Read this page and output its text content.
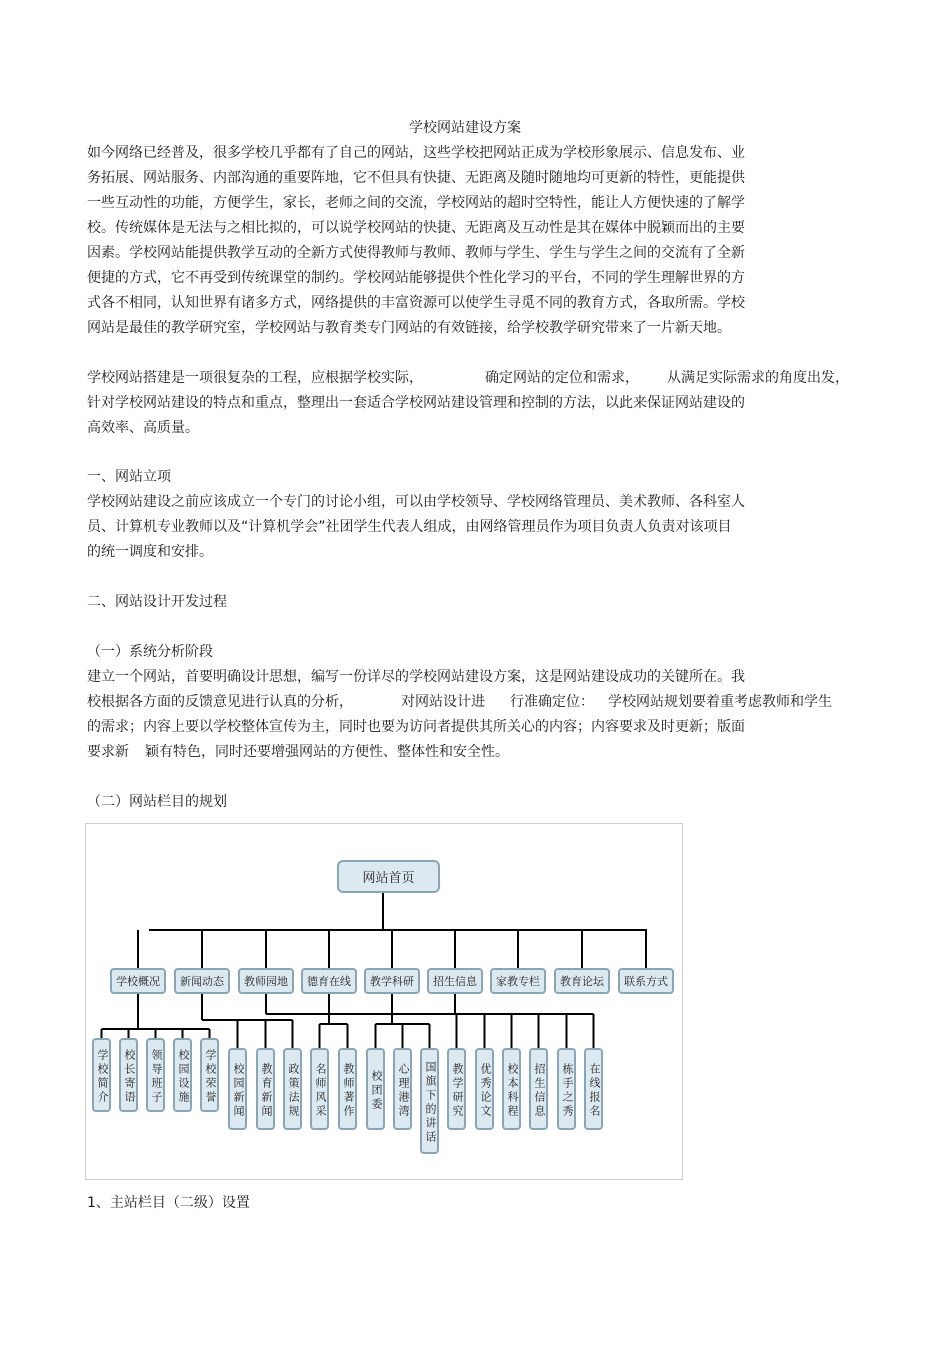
学校网站建设方案
如今网络已经普及，很多学校几乎都有了自己的网站，这些学校把网站正成为学校形象展示、信息发布、业
务拓展、网站服务、内部沟通的重要阵地，它不但具有快捷、无距离及随时随地均可更新的特性，更能提供
一些互动性的功能，方便学生，家长，老师之间的交流，学校网站的超时空特性，能让人方便快速的了解学
校。传统媒体是无法与之相比拟的，可以说学校网站的快捷、无距离及互动性是其在媒体中脱颖而出的主要
因素。学校网站能提供教学互动的全新方式使得教师与教师、教师与学生、学生与学生之间的交流有了全新
便捷的方式，它不再受到传统课堂的制约。学校网站能够提供个性化学习的平台，不同的学生理解世界的方
式各不相同，认知世界有诸多方式，网络提供的丰富资源可以使学生寻觅不同的教育方式，各取所需。学校
网站是最佳的教学研究室，学校网站与教育类专门网站的有效链接，给学校教学研究带来了一片新天地。
学校网站搭建是一项很复杂的工程，应根据学校实际，	确定网站的定位和需求， 从满足实际需求的角度出发，
针对学校网站建设的特点和重点，整理出一套适合学校网站建设管理和控制的方法，以此来保证网站建设的
高效率、高质量。
一、网站立项
学校网站建设之前应该成立一个专门的讨论小组，可以由学校领导、学校网络管理员、美术教师、各科室人
员、计算机专业教师以及“计算机学会”社团学生代表人组成，由网络管理员作为项目负责人负责对该项目
的统一调度和安排。
二、网站设计开发过程
（一）系统分析阶段
建立一个网站，首要明确设计思想，编写一份详尽的学校网站建设方案，这是网站建设成功的关键所在。我
校根据各方面的反馈意见进行认真的分析，	对网站设计进 行准确定位： 学校网站规划要着重考虑教师和学生
的需求；内容上要以学校整体宣传为主，同时也要为访问者提供其所关心的内容；内容要求及时更新；版面
要求新 颖有特色，同时还要增强网站的方便性、整体性和安全性。
（二）网站栏目的规划
网站首页
学校概况	新闻动态	教师园地	德育在线	教学科研	招生信息	家教专栏	教育论坛	联系方式
学校简介	校长寄语	领导班子	校园设施	学校荣誉	校园新闻	教育新闻	政策法规	名师风采	教师著作	校团委	心理港湾	国旗下的讲话	教学研究	优秀论文	校本科程	招生信息	栋手之秀	在线报名
1、主站栏目（二级）设置
